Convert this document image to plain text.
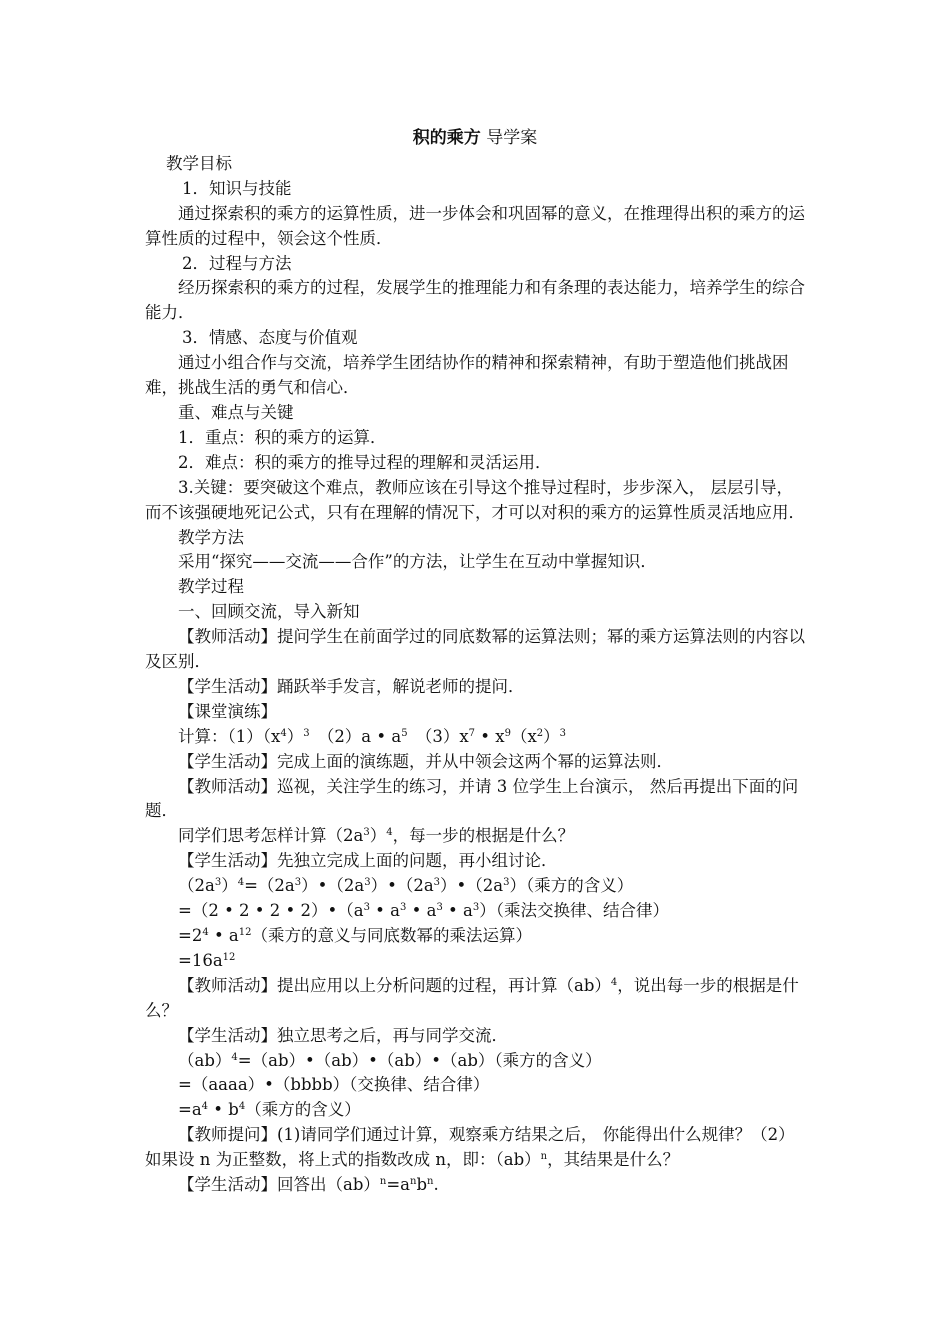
积的乘方 导学案

教学目标

1．知识与技能

通过探索积的乘方的运算性质，进一步体会和巩固幂的意义，在推理得出积的乘方的运算性质的过程中，领会这个性质．

2．过程与方法

经历探索积的乘方的过程，发展学生的推理能力和有条理的表达能力，培养学生的综合能力．

3．情感、态度与价值观

通过小组合作与交流，培养学生团结协作的精神和探索精神，有助于塑造他们挑战困难，挑战生活的勇气和信心．

重、难点与关键

1．重点：积的乘方的运算．

2．难点：积的乘方的推导过程的理解和灵活运用．

3.关键：要突破这个难点，教师应该在引导这个推导过程时，步步深入， 层层引导，而不该强硬地死记公式，只有在理解的情况下，才可以对积的乘方的运算性质灵活地应用．

教学方法

采用“探究——交流——合作”的方法，让学生在互动中掌握知识．

教学过程

一、回顾交流，导入新知

【教师活动】提问学生在前面学过的同底数幂的运算法则；幂的乘方运算法则的内容以及区别．

【学生活动】踊跃举手发言，解说老师的提问．

【课堂演练】

计算：$(1)(x^4)^3$　（2）a • $a^5$　$(3)x^7$ • $x^9(x^2)^3$

【学生活动】完成上面的演练题，并从中领会这两个幂的运算法则．

【教师活动】巡视，关注学生的练习，并请 3 位学生上台演示， 然后再提出下面的问题．

同学们思考怎样计算$(2a^3)^4$，每一步的根据是什么？

【学生活动】先独立完成上面的问题，再小组讨论．

$(2a^3)^4=(2a^3)•(2a^3)•(2a^3)•(2a^3)$（乘方的含义）

=（2 • 2 • 2 • $2)•(a^3$ • $a^3$ • $a^3$ • $a^3$）（乘法交换律、结合律）

$=2^4$ • $a^{12}$（乘方的意义与同底数幂的乘法运算）

$=16a^{12}$

【教师活动】提出应用以上分析问题的过程，再计算（ab）$^4$，说出每一步的根据是什么？

【学生活动】独立思考之后，再与同学交流．

（ab）$^4$=（ab）•（ab）•（ab）•（ab）（乘方的含义）

=（aaaa）•（bbbb）（交换律、结合律）

$=a^4$ • $b^4$（乘方的含义）

【教师提问】(1)请同学们通过计算，观察乘方结果之后， 你能得出什么规律？（2）如果设 n 为正整数，将上式的指数改成 n，即：（ab）$^n$，其结果是什么？

【学生活动】回答出$(ab)^n=a^nb^n$.
